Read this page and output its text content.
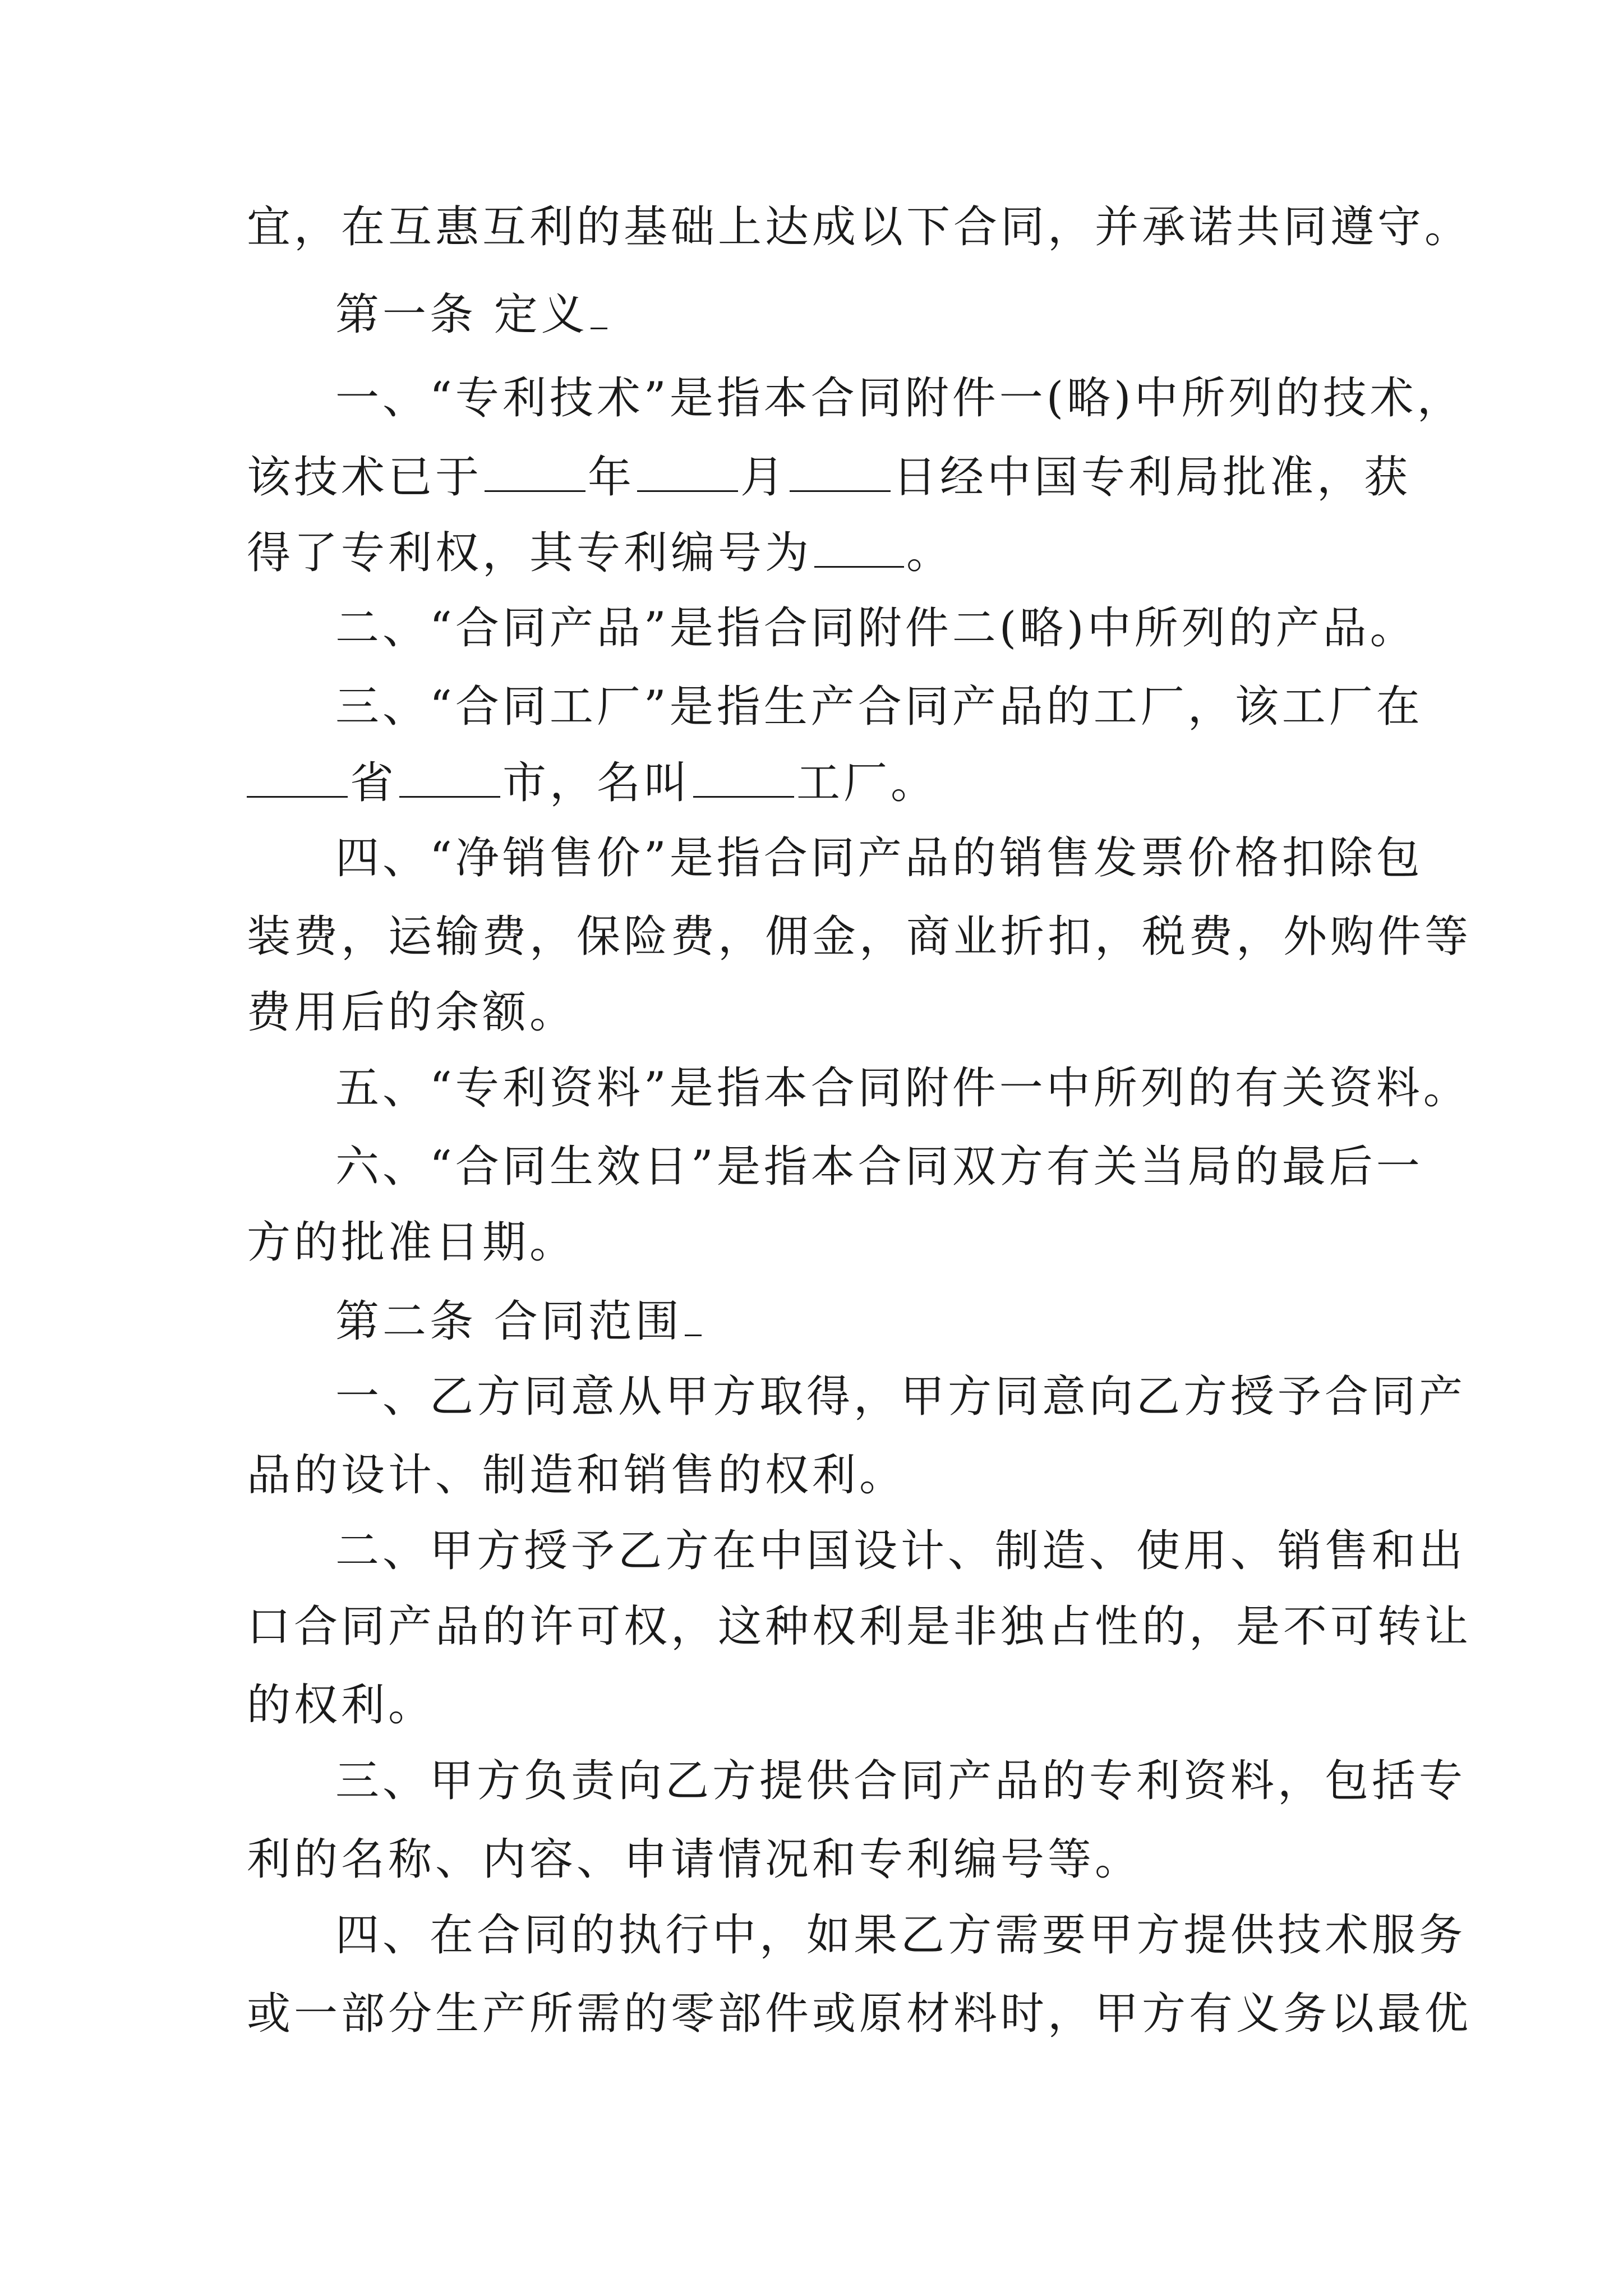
宜，在互惠互利的基础上达成以下合同，并承诺共同遵守。
第一条 定义
一、“专利技术”是指本合同附件一(略)中所列的技术，
该技术已于 年 月 日经中国专利局批准，获
得了专利权，其专利编号为 。
二、“合同产品”是指合同附件二(略)中所列的产品。
三、“合同工厂”是指生产合同产品的工厂，该工厂在
省 市，名叫 工厂。
四、“净销售价”是指合同产品的销售发票价格扣除包
装费，运输费，保险费，佣金，商业折扣，税费，外购件等
费用后的余额。
五、“专利资料”是指本合同附件一中所列的有关资料。
六、“合同生效日”是指本合同双方有关当局的最后一
方的批准日期。
第二条 合同范围
一、乙方同意从甲方取得，甲方同意向乙方授予合同产
品的设计、制造和销售的权利。
二、甲方授予乙方在中国设计、制造、使用、销售和出
口合同产品的许可权，这种权利是非独占性的，是不可转让
的权利。
三、甲方负责向乙方提供合同产品的专利资料，包括专
利的名称、内容、申请情况和专利编号等。
四、在合同的执行中，如果乙方需要甲方提供技术服务
或一部分生产所需的零部件或原材料时，甲方有义务以最优
